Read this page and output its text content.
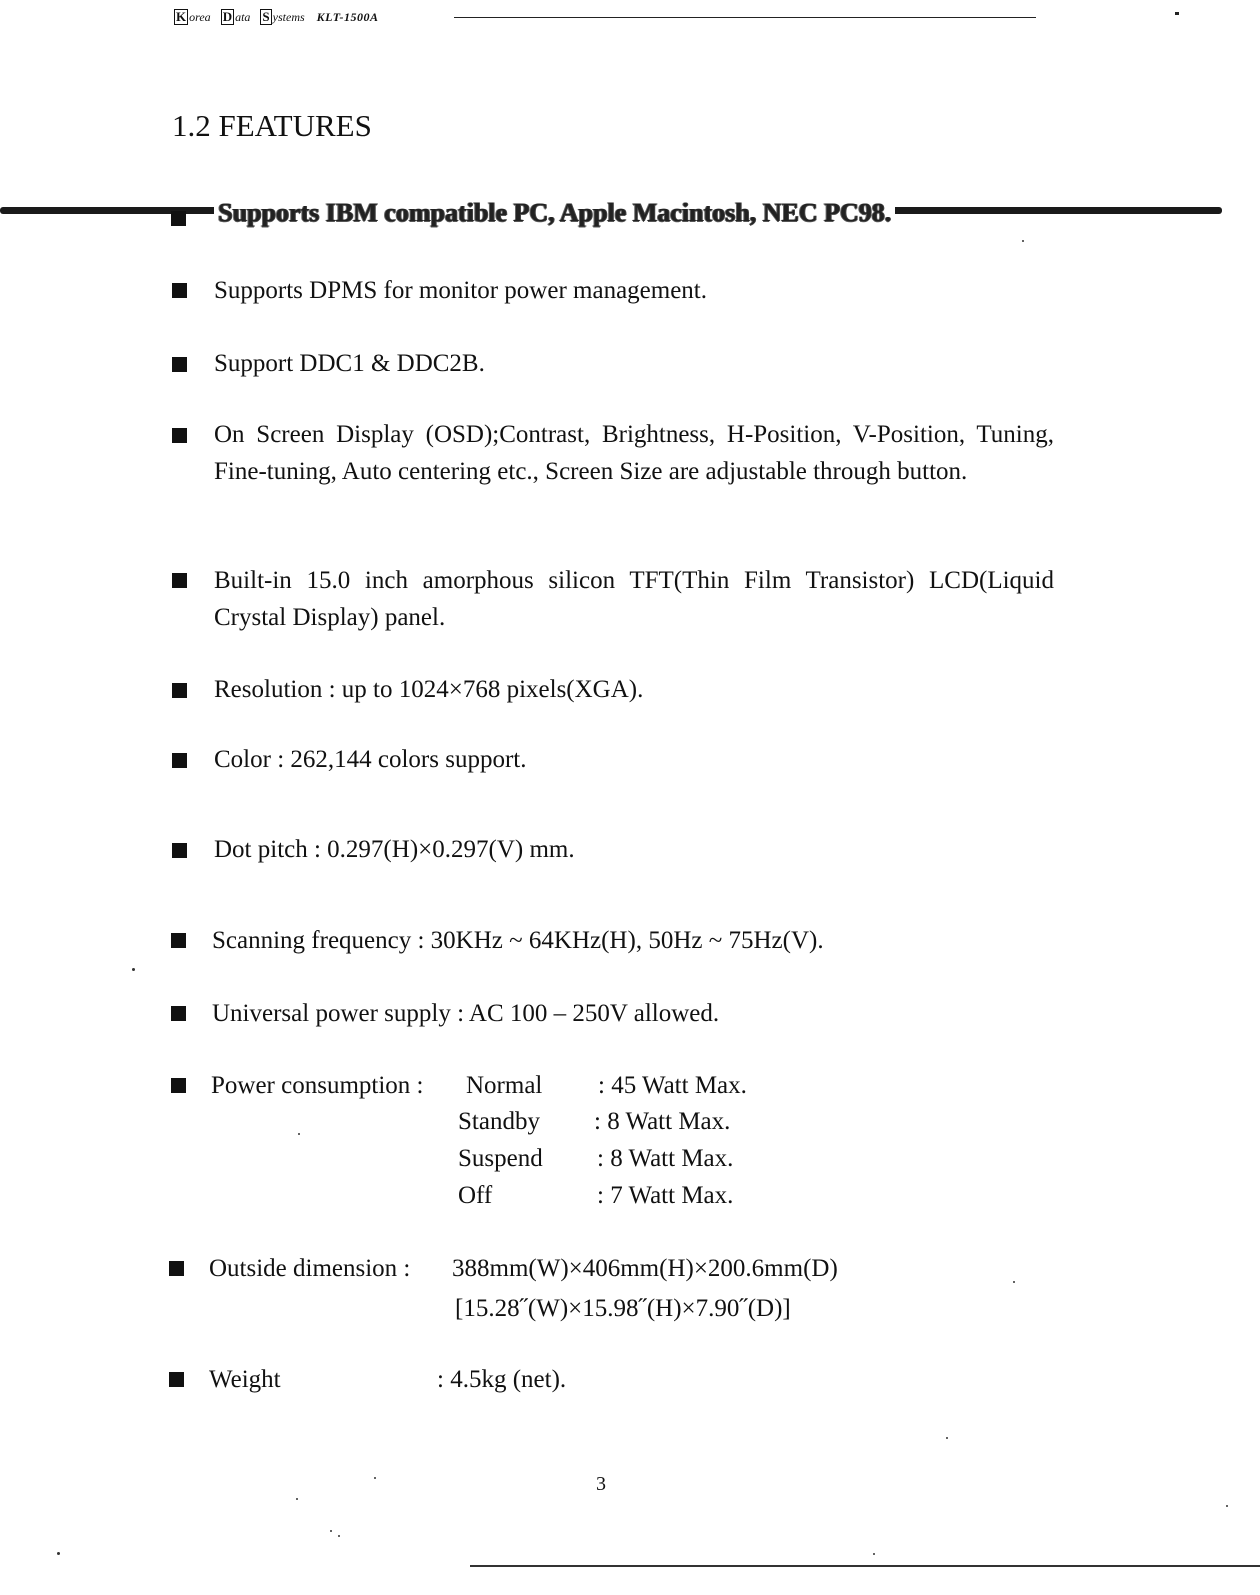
K orea D ata S ystems KLT-1500A
1.2 FEATURES
Supports IBM compatible PC, Apple Macintosh, NEC PC98.
Supports DPMS for monitor power management.
Support DDC1 & DDC2B.
On Screen Display (OSD);Contrast, Brightness, H-Position, V-Position, Tuning, Fine-tuning, Auto centering etc., Screen Size are adjustable through button.
Built-in 15.0 inch amorphous silicon TFT(Thin Film Transistor) LCD(Liquid Crystal Display) panel.
Resolution : up to 1024×768 pixels(XGA).
Color : 262,144 colors support.
Dot pitch : 0.297(H)×0.297(V) mm.
Scanning frequency : 30KHz ~ 64KHz(H), 50Hz ~ 75Hz(V).
Universal power supply : AC 100 – 250V allowed.
Power consumption : Normal : 45 Watt Max.
Standby : 8 Watt Max.
Suspend : 8 Watt Max.
Off	: 7 Watt Max.
Outside dimension : 388mm(W)×406mm(H)×200.6mm(D)
[15.28˝(W)×15.98˝(H)×7.90˝(D)]
Weight	: 4.5kg (net).
3
